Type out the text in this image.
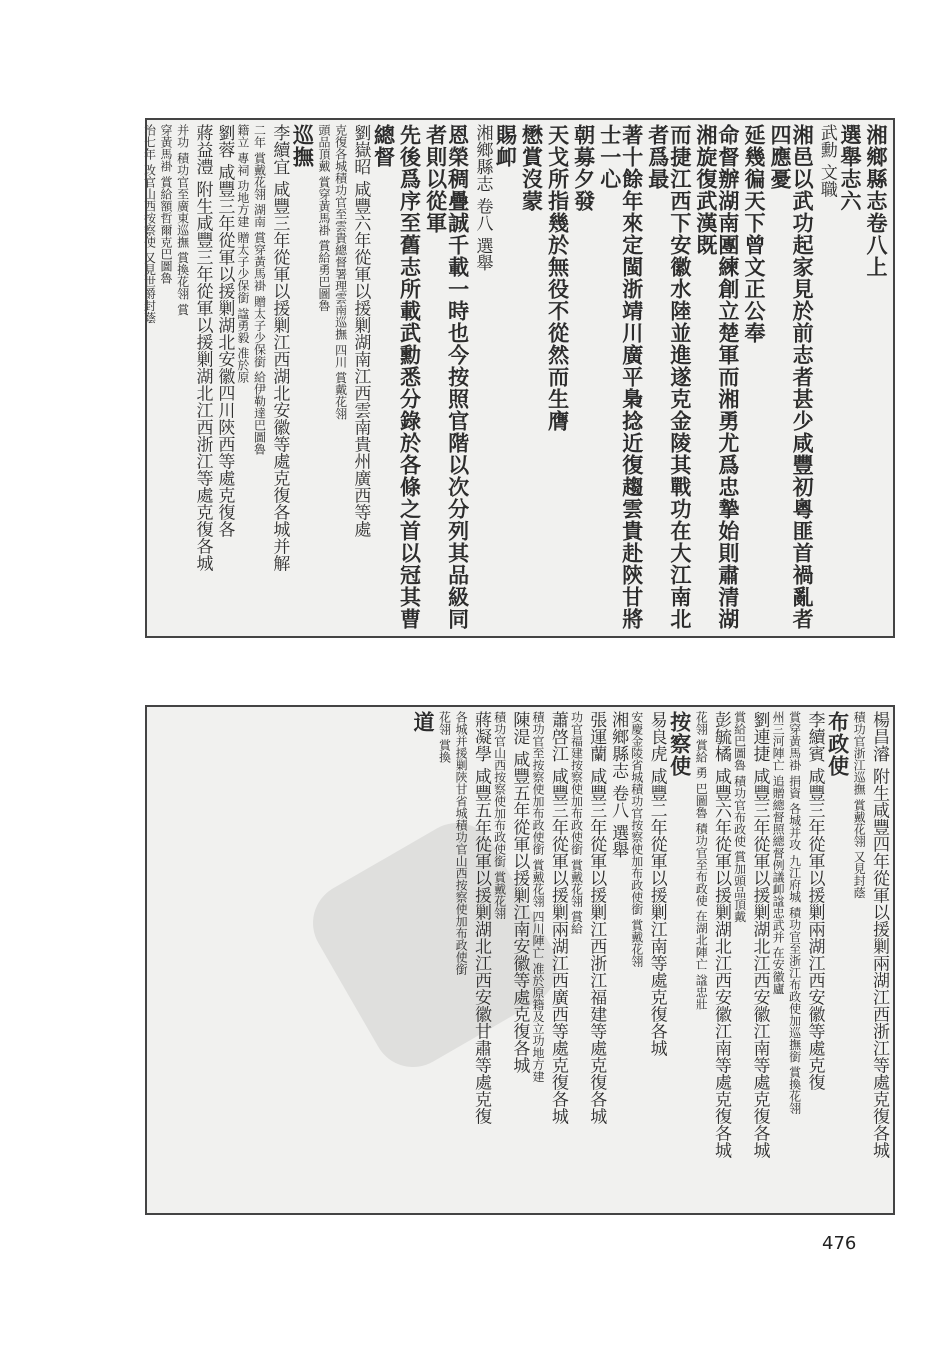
湘鄉縣志卷八上
選舉志六
武勳 文職
湘邑以武功起家見於前志者甚少咸豐初粵匪首禍亂者四應憂
延幾徧天下曾文正公奉
命督辦湖南團練創立楚軍而湘勇尤爲忠摯始則肅清湖湘旋復武漢既
而捷江西下安徽水陸並進遂克金陵其戰功在大江南北者爲最
著十餘年來定閩浙靖川廣平梟捻近復趨雲貴赴陝甘將士一心
朝募夕發
天戈所指幾於無役不從然而生膺
懋賞沒蒙
賜卹
湘鄉縣志 卷八 選舉
恩榮稠疊誠千載一時也今按照官階以次分列其品級同者則以從軍
先後爲序至舊志所載武勳悉分錄於各條之首以冠其曹
總督
劉嶽昭 咸豐六年從軍以援剿湖南江西雲南貴州廣西等處
克復各城積功官至雲貴總督署理雲南巡撫 四川 賞戴花翎
頭品頂戴 賞穿黃馬褂 賞給勇巴圖魯
巡撫
李續宜 咸豐三年從軍以援剿江西湖北安徽等處克復各城并解
二年 賞戴花翎 湖南 賞穿黃馬褂 贈太子少保銜 給伊勒達巴圖魯
籍立 專祠 功地方建 贈太子少保銜 諡勇毅 准於原
劉蓉 咸豐三年從軍以援剿湖北安徽四川陝西等處克復各
蔣益澧 附生咸豐三年從軍以援剿湖北江西浙江等處克復各城
并功 積功官至廣東巡撫 賞換花翎 賞
穿黃馬褂 賞給額哲爾克巴圖魯
治七年 改官山西按察使 又見世爵封蔭
楊昌濬 附生咸豐四年從軍以援剿兩湖江西浙江等處克復各城
積功官浙江巡撫 賞戴花翎 又見封蔭
布政使
李續賓 咸豐三年從軍以援剿兩湖江西安徽等處克復
賞穿黃馬褂 捐資 各城并攻 九江府城 積功官至浙江布政使加巡撫銜 賞換花翎
州三河陣亡 追贈總督照總督例議卹諡忠武并 在安徽廬
劉連捷 咸豐三年從軍以援剿湖北江西安徽江南等處克復各城
賞給巴圖魯 積功官布政使 賞加頭品頂戴
彭毓橘 咸豐六年從軍以援剿湖北江西安徽江南等處克復各城
花翎 賞給 勇 巴圖魯 積功官至布政使 在湖北陣亡 諡忠壯
按察使
易良虎 咸豐二年從軍以援剿江南等處克復各城
安慶金陵省城積功官按察使加布政使銜 賞戴花翎
湘鄉縣志 卷八 選舉
張運蘭 咸豐三年從軍以援剿江西浙江福建等處克復各城
功官福建按察使加布政使銜 賞戴花翎 賞給
蕭啓江 咸豐三年從軍以援剿兩湖江西廣西等處克復各城
積功官至按察使加布政使銜 賞戴花翎 四川陣亡 准於原籍及立功地方建
陳湜 咸豐五年從軍以援剿江南安徽等處克復各城
積功官山西按察使加布政使銜 賞戴花翎
蔣凝學 咸豐五年從軍以援剿湖北江西安徽甘肅等處克復
各城并援剿陝甘省城積功官山西按察使加布政使銜
花翎 賞換
道
476
